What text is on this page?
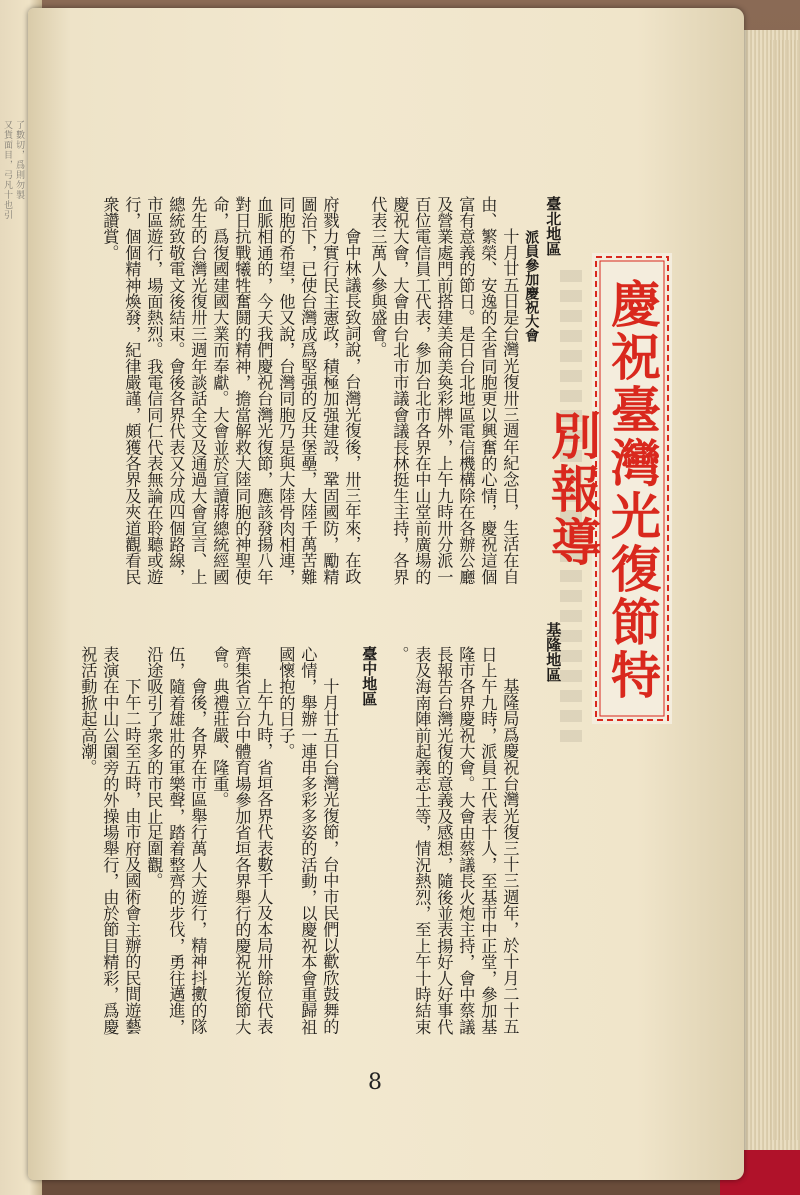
了數切，爲則勿製
又貨面目，弓凡十也引
慶祝臺灣光復節特別報導
臺北地區
派員參加慶祝大會
十月廿五日是台灣光復卅三週年紀念日，生活在自
由、繁榮、安逸的全省同胞更以興奮的心情，慶祝這個
富有意義的節日。是日台北地區電信機構除在各辦公廳
及營業處門前搭建美侖美奐彩牌外，上午九時卅分派一
百位電信員工代表，參加台北市各界在中山堂前廣場的
慶祝大會，大會由台北市市議會議長林挺生主持，各界
代表三萬人參與盛會。
會中林議長致詞說，台灣光復後，卅三年來，在政
府戮力實行民主憲政，積極加强建設，鞏固國防，勵精
圖治下，已使台灣成爲堅强的反共堡壘，大陸千萬苦難
同胞的希望，他又說，台灣同胞乃是與大陸骨肉相連，
血脈相通的，今天我們慶祝台灣光復節，應該發揚八年
對日抗戰犧牲奮鬪的精神，擔當解救大陸同胞的神聖使
命，爲復國建國大業而奉獻。大會並於宣讀蔣總統經國
先生的台灣光復卅三週年談話全文及通過大會宣言、上
總統致敬電文後結束。會後各界代表又分成四個路線，
市區遊行，場面熱烈。我電信同仁代表無論在聆聽或遊
行，個個精神煥發，紀律嚴謹，頗獲各界及夾道觀看民
衆讚賞。
基隆地區
基隆局爲慶祝台灣光復三十三週年，於十月二十五
日上午九時，派員工代表十人，至基市中正堂，參加基
隆市各界慶祝大會。大會由蔡議長火炮主持，會中蔡議
長報告台灣光復的意義及感想，隨後並表揚好人好事代
表及海南陣前起義志士等，情況熱烈，至上午十時結束
。
臺中地區
十月廿五日台灣光復節，台中市民們以歡欣鼓舞的
心情，舉辦一連串多彩多姿的活動，以慶祝本會重歸祖
國懷抱的日子。
上午九時，省垣各界代表數千人及本局卅餘位代表
齊集省立台中體育場參加省垣各界舉行的慶祝光復節大
會。典禮莊嚴、隆重。
會後，各界在市區舉行萬人大遊行，精神抖擻的隊
伍，隨着雄壯的軍樂聲，踏着整齊的步伐，勇往邁進，
沿途吸引了衆多的市民止足圍觀。
下午二時至五時，由市府及國術會主辦的民間遊藝
表演在中山公園旁的外操場舉行，由於節目精彩，爲慶
祝活動掀起高潮。
8
